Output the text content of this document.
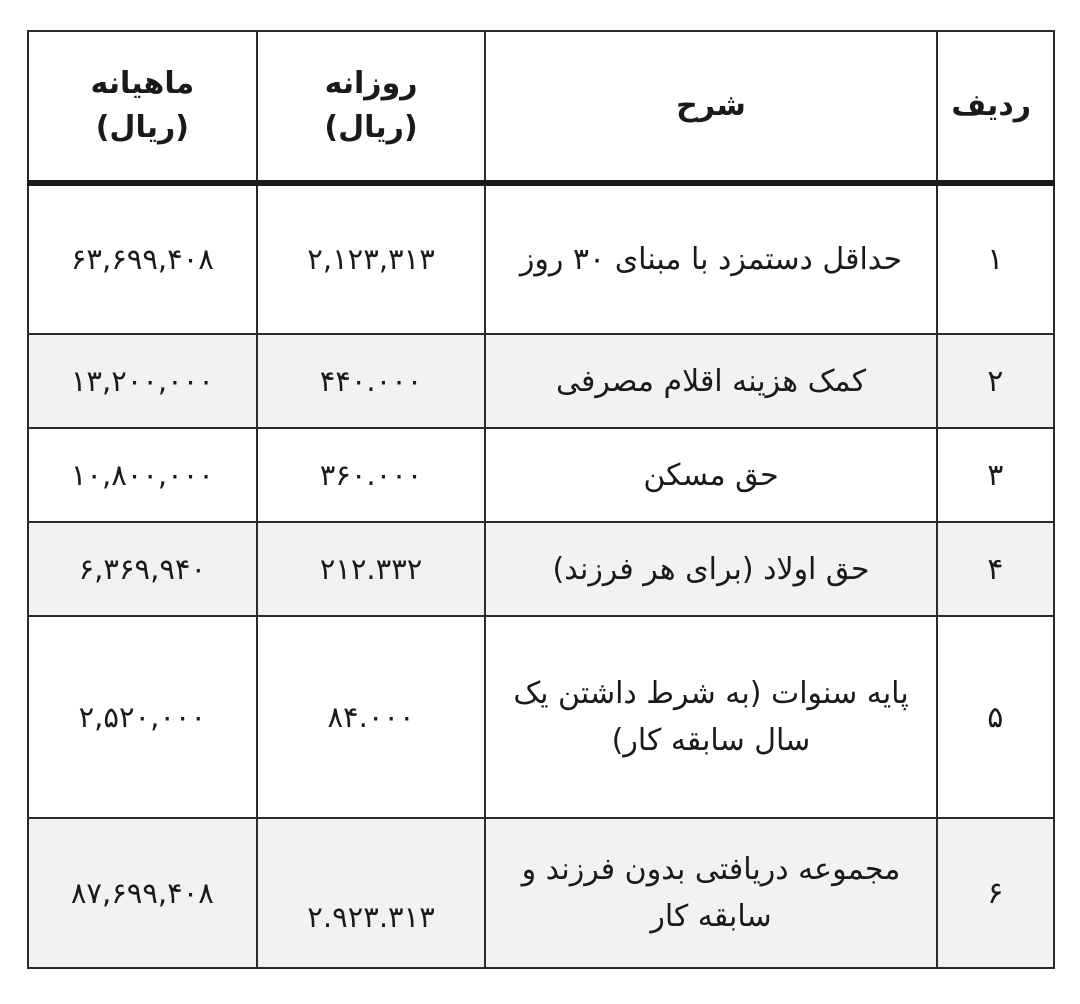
ردیف	شرح	روزانه (ریال)	ماهیانه (ریال)
۱	حداقل دستمزد با مبنای ۳۰ روز	۲,۱۲۳,۳۱۳	۶۳,۶۹۹,۴۰۸
۲	کمک هزینه اقلام مصرفی	۴۴۰.۰۰۰	۱۳,۲۰۰,۰۰۰
۳	حق مسکن	۳۶۰.۰۰۰	۱۰,۸۰۰,۰۰۰
۴	حق اولاد (برای هر فرزند)	۲۱۲.۳۳۲	۶,۳۶۹,۹۴۰
۵	پایه سنوات (به شرط داشتن یک سال سابقه کار)	۸۴.۰۰۰	۲,۵۲۰,۰۰۰
۶	مجموعه دریافتی بدون فرزند و سابقه کار	۲.۹۲۳.۳۱۳	۸۷,۶۹۹,۴۰۸
